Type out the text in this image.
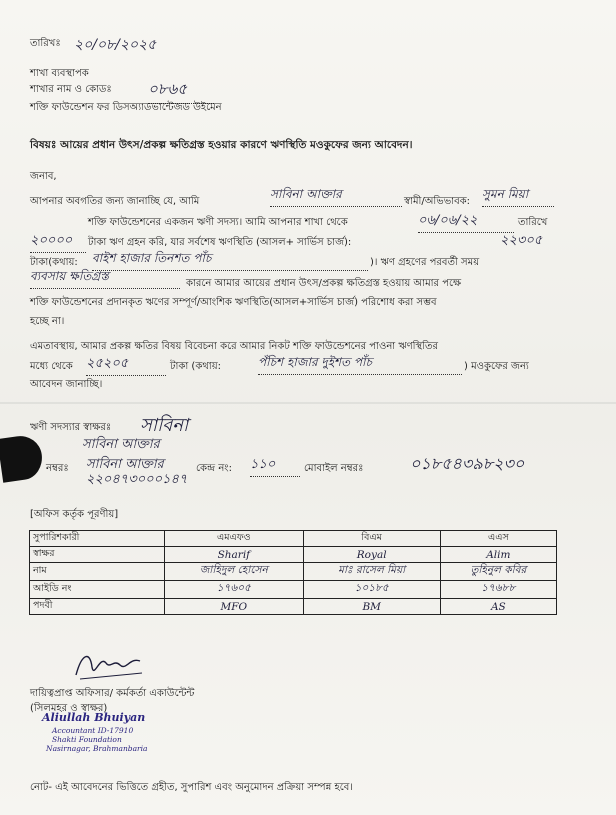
তারিখঃ ২০/০৮/২০২৫
শাখা ব্যবস্থাপক
শাখার নাম ও কোডঃ ০৮৬৫
শক্তি ফাউন্ডেশন ফর ডিসঅ্যাডভান্টেজড উইমেন
বিষয়ঃ আয়ের প্রধান উৎস/প্রকল্প ক্ষতিগ্রস্ত হওয়ার কারণে ঋণস্থিতি মওকুফের জন্য আবেদন।
জনাব,
আপনার অবগতির জন্য জানাচ্ছি যে, আমি
সাবিনা আক্তার
স্বামী/অভিভাবক:
সুমন মিয়া
শক্তি ফাউন্ডেশনের একজন ঋণী সদস্য। আমি আপনার শাখা থেকে	০৬/০৬/২২	তারিখে
২০০০০	টাকা ঋণ গ্রহন করি, যার সর্বশেষ ঋণস্থিতি (আসল+ সার্ভিস চার্জ):	২২৩০৫
টাকা(কথায়: বাইশ হাজার তিনশত পাঁচ	)। ঋণ গ্রহণের পরবর্তী সময়
ব্যবসায় ক্ষতিগ্রস্ত
কারনে আমার আয়ের প্রধান উৎস/প্রকল্প ক্ষতিগ্রস্ত হওয়ায় আমার পক্ষে
শক্তি ফাউন্ডেশনের প্রদানকৃত ঋণের সম্পূর্ণ/আংশিক ঋণস্থিতি(আসল+সার্ভিস চার্জ) পরিশোধ করা সম্ভব
হচ্ছে না।
এমতাবস্থায়, আমার প্রকল্প ক্ষতির বিষয় বিবেচনা করে আমার নিকট শক্তি ফাউন্ডেশনের পাওনা ঋণস্থিতির
মধ্যে থেকে ২৫২০৫	টাকা (কথায়:	পঁচিশ হাজার দুইশত পাঁচ	) মওকুফের জন্য
আবেদন জানাচ্ছি।
ঋণী সদস্যার স্বাক্ষরঃ সাবিনা
সাবিনা আক্তার
নম্বরঃ সাবিনা আক্তার	কেন্দ্র নং: ১১০	মোবাইল নম্বরঃ	০১৮৫৪৩৯৮২৩০
২২০৪৭৩০০০১৪৭
[অফিস কর্তৃক পূরণীয়]
সুপারিশকারী	এমএফও	বিএম	এএস
স্বাক্ষর	Sharif	Royal	Alim
নাম	জাহিদুল হোসেন	মাঃ রাসেল মিয়া	তুহিনুল কবির
আইডি নং	১৭৬০৫	১০১৮৫	১৭৬৮৮
পদবী	MFO	BM	AS
দায়িত্বপ্রাপ্ত অফিসার/ কর্মকর্তা একাউন্টেন্ট
(সিলমহর ও স্বাক্ষর)
Aliullah Bhuiyan
Accountant ID-17910
Shakti Foundation
Nasirnagar, Brahmanbaria
নোট- এই আবেদনের ভিত্তিতে গ্রহীত, সুপারিশ এবং অনুমোদন প্রক্রিয়া সম্পন্ন হবে।
